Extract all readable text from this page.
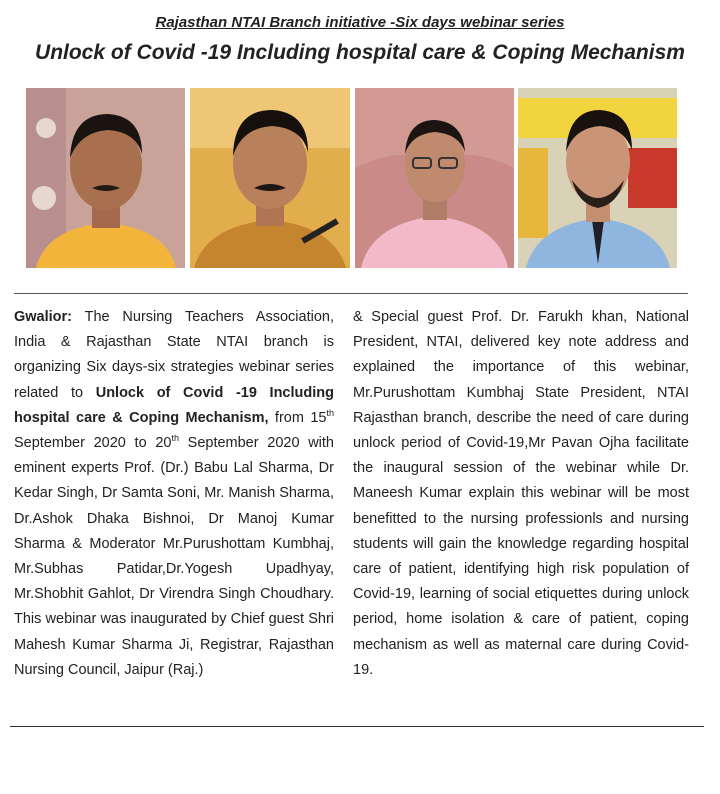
Rajasthan NTAI Branch initiative -Six days webinar series
Unlock of Covid -19 Including hospital care & Coping Mechanism

Gwalior: The Nursing Teachers Association, India & Rajasthan State NTAI branch is organizing Six days-six strategies webinar series related to Unlock of Covid -19 Including hospital care & Coping Mechanism, from 15th September 2020 to 20th September 2020 with eminent experts Prof. (Dr.) Babu Lal Sharma, Dr Kedar Singh, Dr Samta Soni, Mr. Manish Sharma, Dr.Ashok Dhaka Bishnoi, Dr Manoj Kumar Sharma & Moderator Mr.Purushottam Kumbhaj, Mr.Subhas Patidar,Dr.Yogesh Upadhyay, Mr.Shobhit Gahlot, Dr Virendra Singh Choudhary. This webinar was inaugurated by Chief guest Shri Mahesh Kumar Sharma Ji, Registrar, Rajasthan Nursing Council, Jaipur (Raj.)

& Special guest Prof. Dr. Farukh khan, National President, NTAI, delivered key note address and explained the importance of this webinar, Mr.Purushottam Kumbhaj State President, NTAI Rajasthan branch, describe the need of care during unlock period of Covid-19,Mr Pavan Ojha facilitate the inaugural session of the webinar while Dr. Maneesh Kumar explain this webinar will be most benefitted to the nursing professionls and nursing students will gain the knowledge regarding hospital care of patient, identifying high risk population of Covid-19, learning of social etiquettes during unlock period, home isolation & care of patient, coping mechanism as well as maternal care during Covid-19.
